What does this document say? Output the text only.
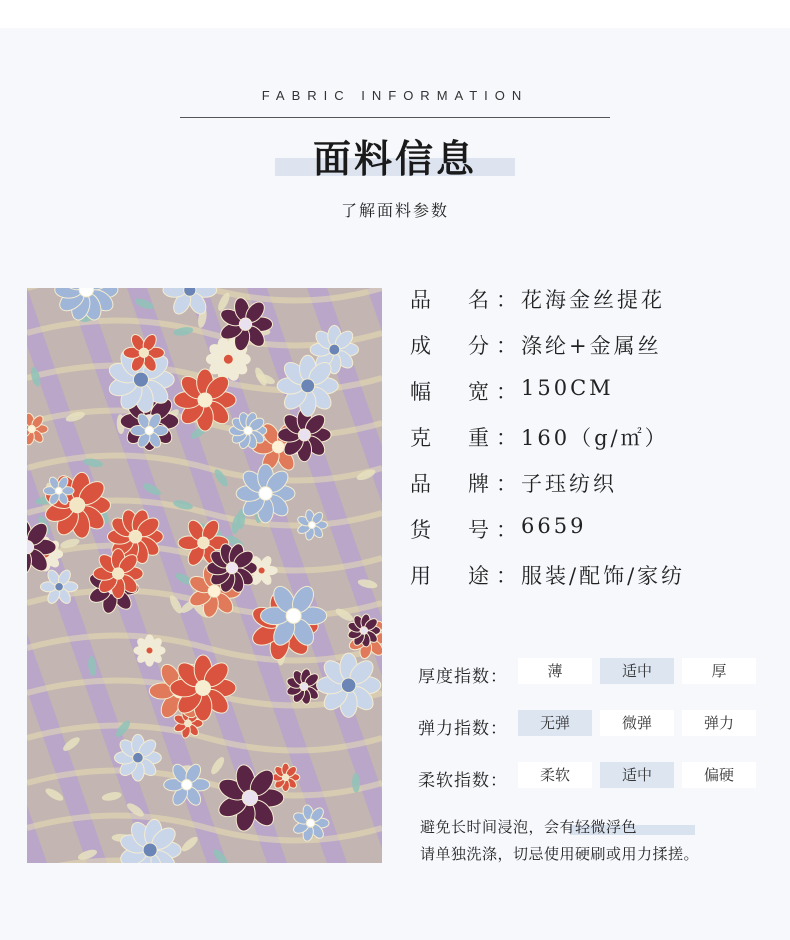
FABRIC INFORMATION
面料信息
了解面料参数
品 名 ： 花海金丝提花
成 分 ： 涤纶+金属丝
幅 宽 ： 150CM
克 重 ： 160（g/㎡）
品 牌 ： 子珏纺织
货 号 ： 6659
用 途 ： 服装/配饰/家纺
厚度指数：	薄	适中	厚
弹力指数：	无弹	微弹	弹力
柔软指数：	柔软	适中	偏硬
避免长时间浸泡，会有轻微浮色
请单独洗涤，切忌使用硬刷或用力揉搓。
